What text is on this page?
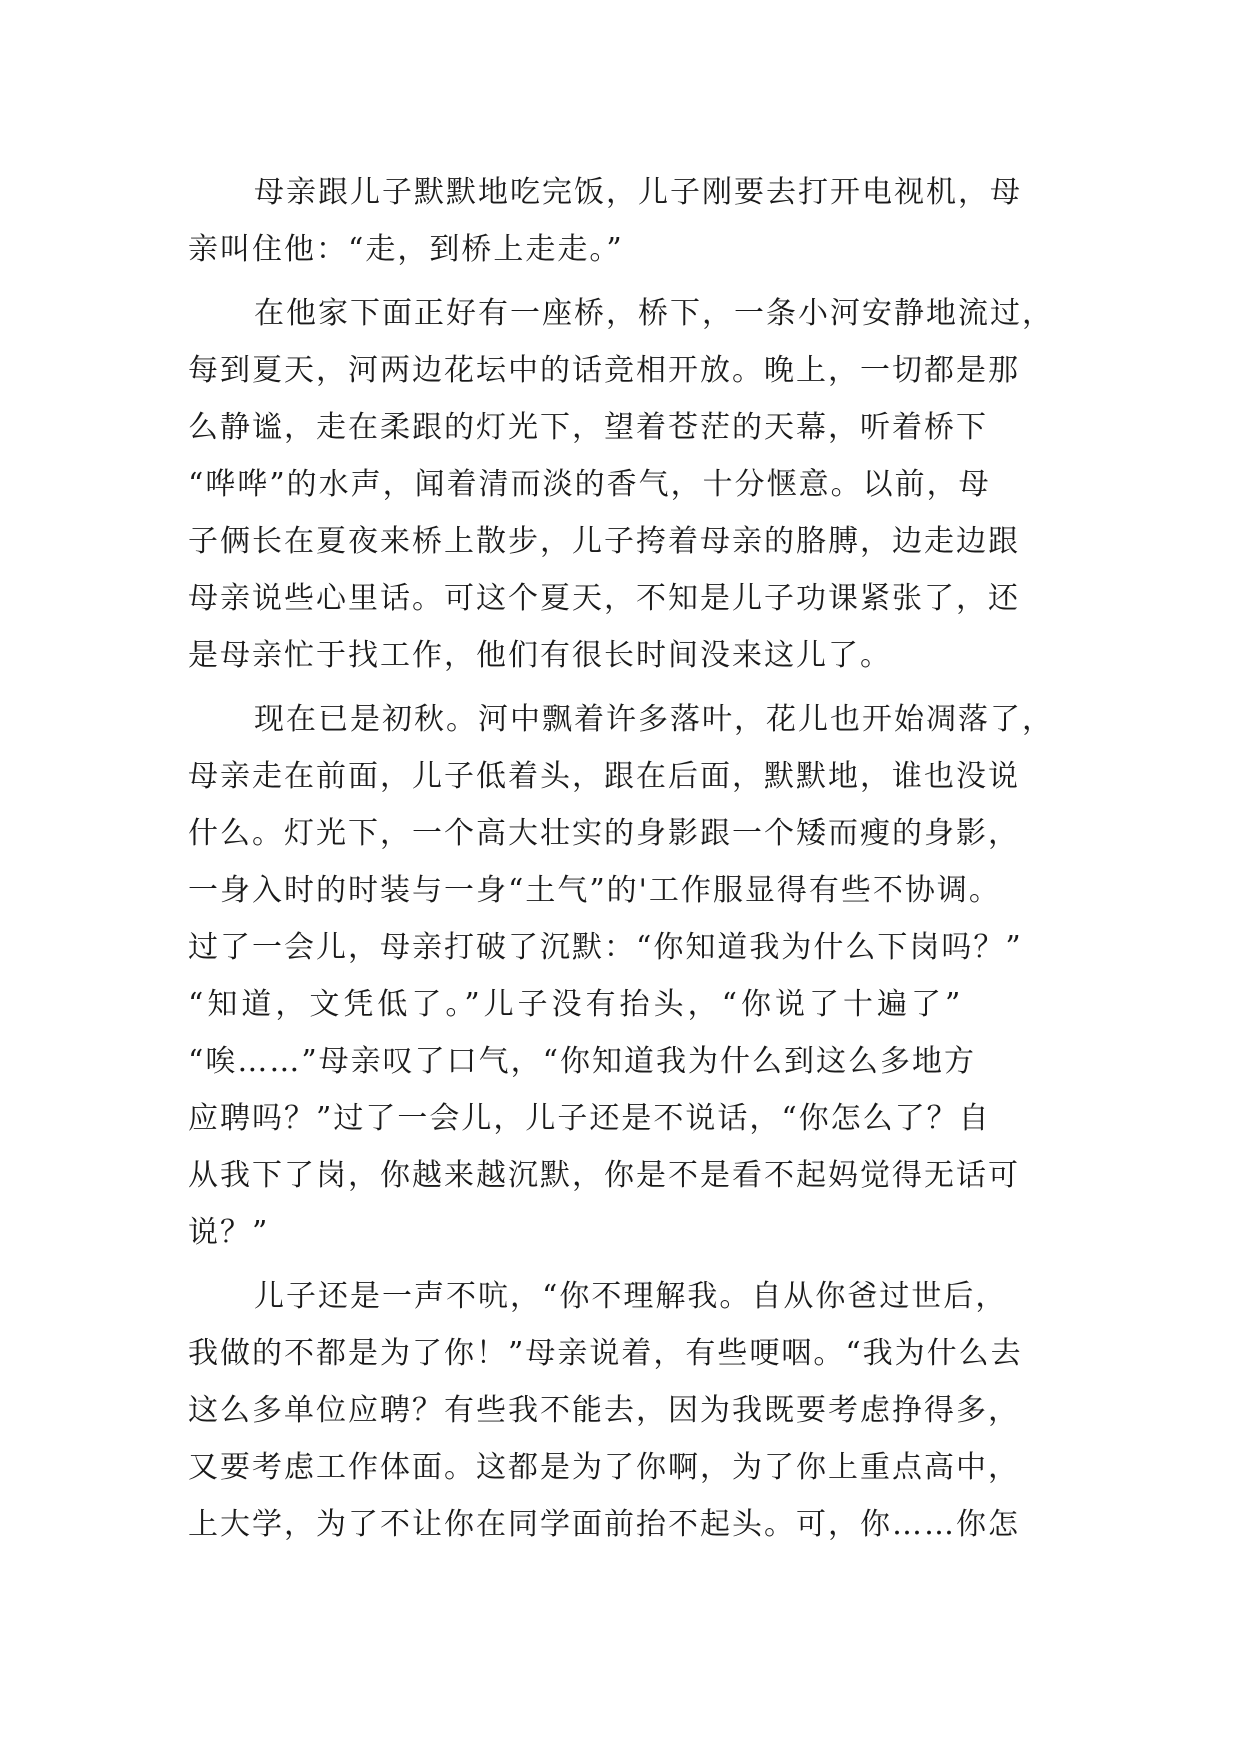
母亲跟儿子默默地吃完饭，儿子刚要去打开电视机，母
亲叫住他：“走，到桥上走走。”
在他家下面正好有一座桥，桥下，一条小河安静地流过，
每到夏天，河两边花坛中的话竞相开放。晚上，一切都是那
么静谧，走在柔跟的灯光下，望着苍茫的天幕，听着桥下
“哗哗”的水声，闻着清而淡的香气，十分惬意。以前，母
子俩长在夏夜来桥上散步，儿子挎着母亲的胳膊，边走边跟
母亲说些心里话。可这个夏天，不知是儿子功课紧张了，还
是母亲忙于找工作，他们有很长时间没来这儿了。
现在已是初秋。河中飘着许多落叶，花儿也开始凋落了，
母亲走在前面，儿子低着头，跟在后面，默默地，谁也没说
什么。灯光下，一个高大壮实的身影跟一个矮而瘦的身影，
一身入时的时装与一身“土气”的'工作服显得有些不协调。
过了一会儿，母亲打破了沉默：“你知道我为什么下岗吗？”
“知道，文凭低了。”儿子没有抬头，“你说了十遍了”
“唉……”母亲叹了口气，“你知道我为什么到这么多地方
应聘吗？”过了一会儿，儿子还是不说话，“你怎么了？自
从我下了岗，你越来越沉默，你是不是看不起妈觉得无话可
说？”
儿子还是一声不吭，“你不理解我。自从你爸过世后，
我做的不都是为了你！”母亲说着，有些哽咽。“我为什么去
这么多单位应聘？有些我不能去，因为我既要考虑挣得多，
又要考虑工作体面。这都是为了你啊，为了你上重点高中，
上大学，为了不让你在同学面前抬不起头。可，你……你怎
